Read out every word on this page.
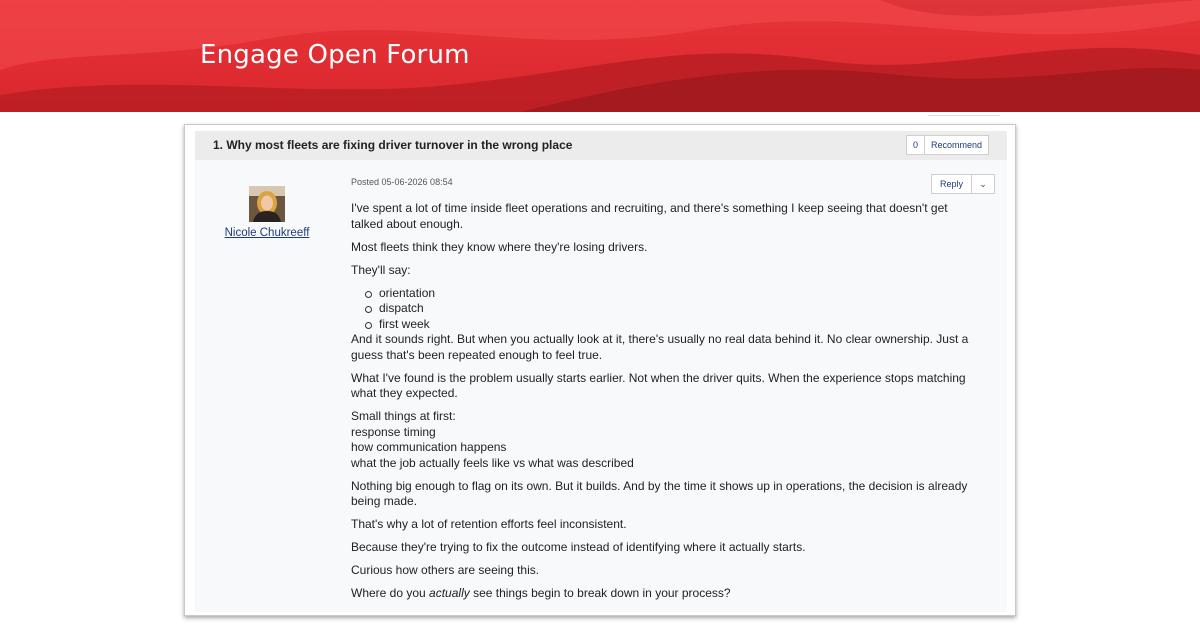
Engage Open Forum
1. Why most fleets are fixing driver turnover in the wrong place	0	Recommend
Nicole Chukreeff
Posted 05-06-2026 08:54	Reply	⌄

I've spent a lot of time inside fleet operations and recruiting, and there's something I keep seeing that doesn't get talked about enough.

Most fleets think they know where they're losing drivers.

They'll say:

orientation
dispatch
first week

And it sounds right. But when you actually look at it, there's usually no real data behind it. No clear ownership. Just a guess that's been repeated enough to feel true.

What I've found is the problem usually starts earlier. Not when the driver quits. When the experience stops matching what they expected.

Small things at first:
response timing
how communication happens
what the job actually feels like vs what was described

Nothing big enough to flag on its own. But it builds. And by the time it shows up in operations, the decision is already being made.

That's why a lot of retention efforts feel inconsistent.

Because they're trying to fix the outcome instead of identifying where it actually starts.

Curious how others are seeing this.

Where do you actually see things begin to break down in your process?
